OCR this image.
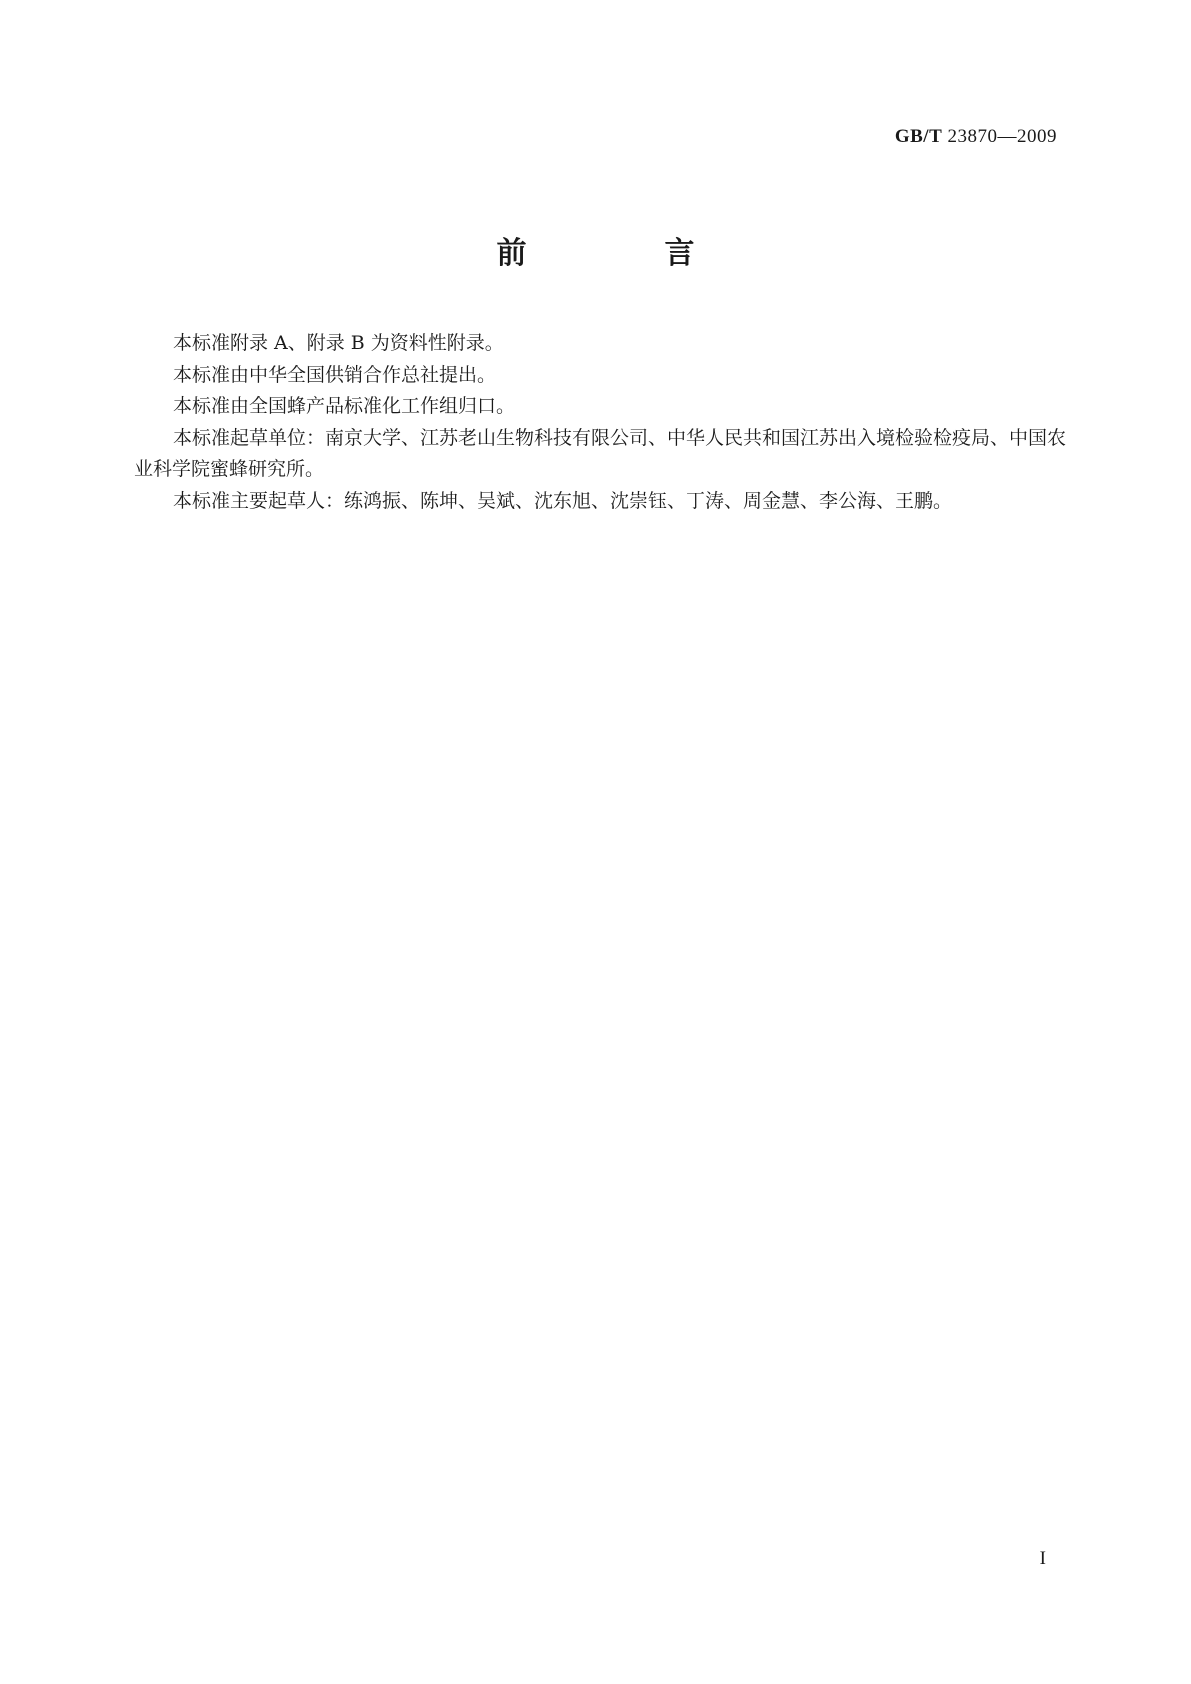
GB/T 23870—2009
前　言

本标准附录 A、附录 B 为资料性附录。

本标准由中华全国供销合作总社提出。

本标准由全国蜂产品标准化工作组归口。

本标准起草单位：南京大学、江苏老山生物科技有限公司、中华人民共和国江苏出入境检验检疫局、中国农业科学院蜜蜂研究所。

本标准主要起草人：练鸿振、陈坤、吴斌、沈东旭、沈崇钰、丁涛、周金慧、李公海、王鹏。

I
